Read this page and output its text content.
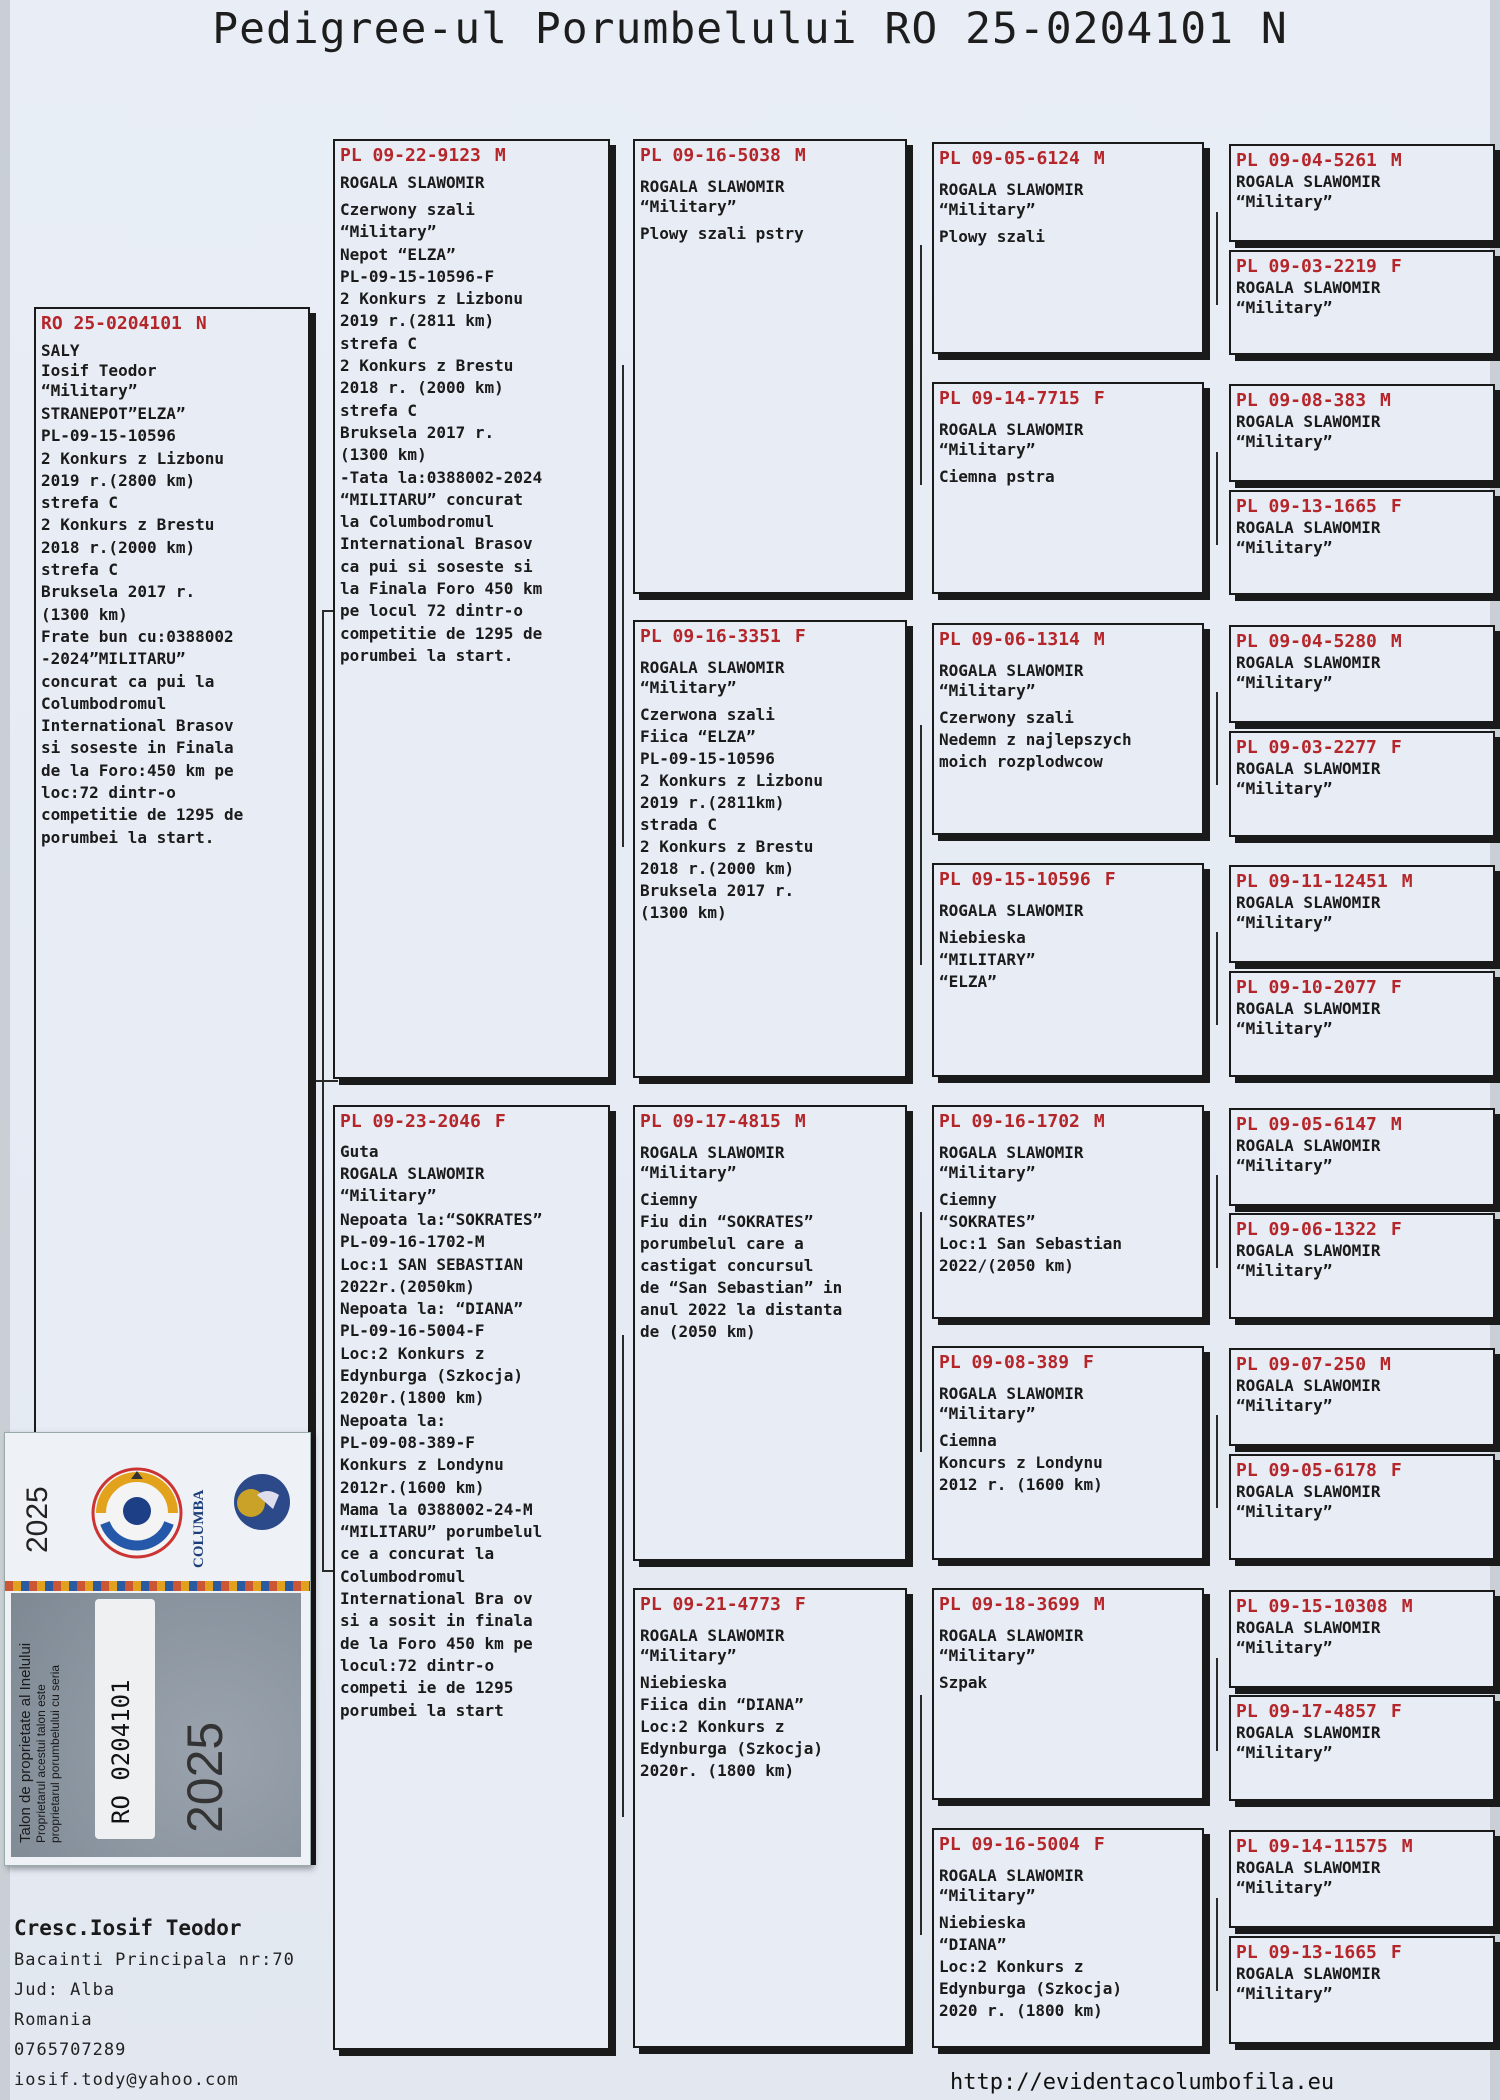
Pedigree-ul Porumbelului RO 25-0204101 N
RO 25-0204101 N
SALY
Iosif Teodor
“Military”
STRANEPOT”ELZA”
PL-09-15-10596
2 Konkurs z Lizbonu
2019 r.(2800 km)
strefa C
2 Konkurs z Brestu
2018 r.(2000 km)
strefa C
Bruksela 2017 r.
(1300 km)
Frate bun cu:0388002
-2024”MILITARU”
concurat ca pui la
Columbodromul
International Brasov
si soseste in Finala
de la Foro:450 km pe
loc:72 dintr-o
competitie de 1295 de
porumbei la start.
PL 09-22-9123 M
ROGALA SLAWOMIR
Czerwony szali
“Military”
Nepot “ELZA”
PL-09-15-10596-F
2 Konkurs z Lizbonu
2019 r.(2811 km)
strefa C
2 Konkurs z Brestu
2018 r. (2000 km)
strefa C
Bruksela 2017 r.
(1300 km)
-Tata la:0388002-2024
“MILITARU” concurat
la Columbodromul
International Brasov
ca pui si soseste si
la Finala Foro 450 km
pe locul 72 dintr-o
competitie de 1295 de
porumbei la start.
PL 09-23-2046 F
Guta
ROGALA SLAWOMIR
“Military”
Nepoata la:“SOKRATES”
PL-09-16-1702-M
Loc:1 SAN SEBASTIAN
2022r.(2050km)
Nepoata la: “DIANA”
PL-09-16-5004-F
Loc:2 Konkurs z
Edynburga (Szkocja)
2020r.(1800 km)
Nepoata la:
PL-09-08-389-F
Konkurs z Londynu
2012r.(1600 km)
Mama la 0388002-24-M
“MILITARU” porumbelul
ce a concurat la
Columbodromul
International Bra ov
si a sosit in finala
de la Foro 450 km pe
locul:72 dintr-o
competi ie de 1295
porumbei la start
PL 09-16-5038 M
ROGALA SLAWOMIR
“Military”
Plowy szali pstry
PL 09-16-3351 F
ROGALA SLAWOMIR
“Military”
Czerwona szali
Fiica “ELZA”
PL-09-15-10596
2 Konkurs z Lizbonu
2019 r.(2811km)
strada C
2 Konkurs z Brestu
2018 r.(2000 km)
Bruksela 2017 r.
(1300 km)
PL 09-17-4815 M
ROGALA SLAWOMIR
“Military”
Ciemny
Fiu din “SOKRATES”
porumbelul care a
castigat concursul
de “San Sebastian” in
anul 2022 la distanta
de (2050 km)
PL 09-21-4773 F
ROGALA SLAWOMIR
“Military”
Niebieska
Fiica din “DIANA”
Loc:2 Konkurs z
Edynburga (Szkocja)
2020r. (1800 km)
PL 09-05-6124 M
ROGALA SLAWOMIR
“Military”
Plowy szali
PL 09-14-7715 F
ROGALA SLAWOMIR
“Military”
Ciemna pstra
PL 09-06-1314 M
ROGALA SLAWOMIR
“Military”
Czerwony szali
Nedemn z najlepszych
moich rozplodwcow
PL 09-15-10596 F
ROGALA SLAWOMIR
Niebieska
“MILITARY”
“ELZA”
PL 09-16-1702 M
ROGALA SLAWOMIR
“Military”
Ciemny
“SOKRATES”
Loc:1 San Sebastian
2022/(2050 km)
PL 09-08-389 F
ROGALA SLAWOMIR
“Military”
Ciemna
Koncurs z Londynu
2012 r. (1600 km)
PL 09-18-3699 M
ROGALA SLAWOMIR
“Military”
Szpak
PL 09-16-5004 F
ROGALA SLAWOMIR
“Military”
Niebieska
“DIANA”
Loc:2 Konkurs z
Edynburga (Szkocja)
2020 r. (1800 km)
PL 09-04-5261 M
ROGALA SLAWOMIR
“Military”
PL 09-03-2219 F
ROGALA SLAWOMIR
“Military”
PL 09-08-383 M
ROGALA SLAWOMIR
“Military”
PL 09-13-1665 F
ROGALA SLAWOMIR
“Military”
PL 09-04-5280 M
ROGALA SLAWOMIR
“Military”
PL 09-03-2277 F
ROGALA SLAWOMIR
“Military”
PL 09-11-12451 M
ROGALA SLAWOMIR
“Military”
PL 09-10-2077 F
ROGALA SLAWOMIR
“Military”
PL 09-05-6147 M
ROGALA SLAWOMIR
“Military”
PL 09-06-1322 F
ROGALA SLAWOMIR
“Military”
PL 09-07-250 M
ROGALA SLAWOMIR
“Military”
PL 09-05-6178 F
ROGALA SLAWOMIR
“Military”
PL 09-15-10308 M
ROGALA SLAWOMIR
“Military”
PL 09-17-4857 F
ROGALA SLAWOMIR
“Military”
PL 09-14-11575 M
ROGALA SLAWOMIR
“Military”
PL 09-13-1665 F
ROGALA SLAWOMIR
“Military”
2025	COLUMBA
Talon de proprietate al Inelului Proprietarul acestui talon este
proprietarul porumbelului cu seria
RO 0204101 2025
Cresc.Iosif Teodor
Bacainti Principala nr:70
Jud: Alba
Romania
0765707289
iosif.tody@yahoo.com	http://evidentacolumbofila.eu
